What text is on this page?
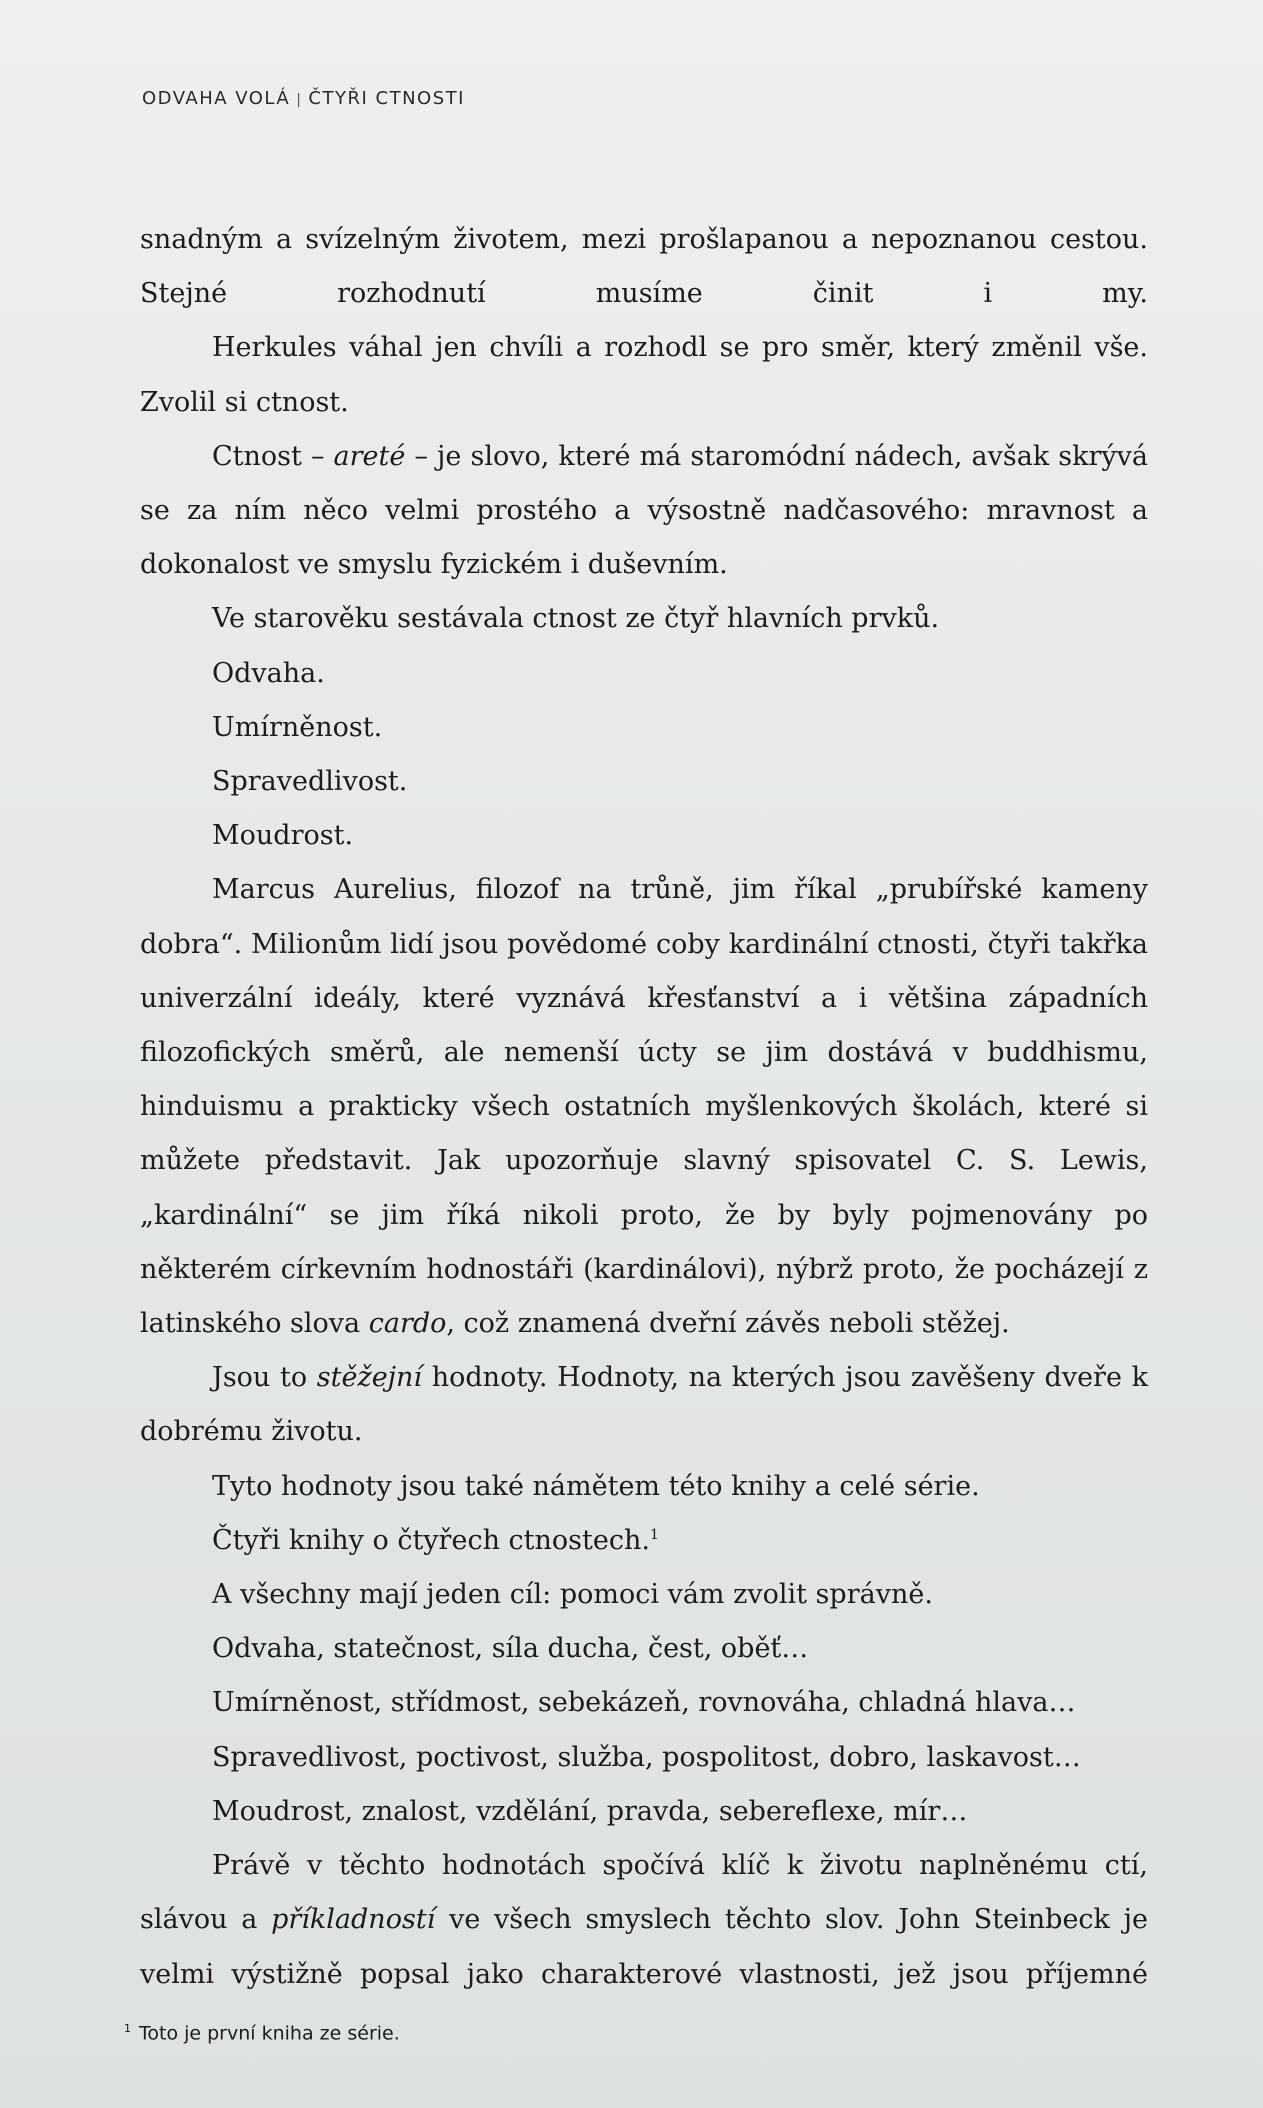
ODVAHA VOLÁ | ČTYŘI CTNOSTI

snadným a svízelným životem, mezi prošlapanou a nepoznanou cestou. Stejné rozhodnutí musíme činit i my.

Herkules váhal jen chvíli a rozhodl se pro směr, který změnil vše. Zvolil si ctnost.

Ctnost – areté – je slovo, které má staromódní nádech, avšak skrývá se za ním něco velmi prostého a výsostně nadčasového: mravnost a dokonalost ve smyslu fyzickém i duševním.

Ve starověku sestávala ctnost ze čtyř hlavních prvků.

Odvaha.

Umírněnost.

Spravedlivost.

Moudrost.

Marcus Aurelius, filozof na trůně, jim říkal „prubířské kameny dobra“. Milionům lidí jsou povědomé coby kardinální ctnosti, čtyři takřka univerzální ideály, které vyznává křesťanství a i většina západních filozofických směrů, ale nemenší úcty se jim dostává v buddhismu, hinduismu a prakticky všech ostatních myšlenkových školách, které si můžete představit. Jak upozorňuje slavný spisovatel C. S. Lewis, „kardinální“ se jim říká nikoli proto, že by byly pojmenovány po některém církevním hodnostáři (kardinálovi), nýbrž proto, že pocházejí z latinského slova cardo, což znamená dveřní závěs neboli stěžej.

Jsou to stěžejní hodnoty. Hodnoty, na kterých jsou zavěšeny dveře k dobrému životu.

Tyto hodnoty jsou také námětem této knihy a celé série.

Čtyři knihy o čtyřech ctnostech.$^1$

A všechny mají jeden cíl: pomoci vám zvolit správně.

Odvaha, statečnost, síla ducha, čest, oběť…

Umírněnost, střídmost, sebekázeň, rovnováha, chladná hlava…

Spravedlivost, poctivost, služba, pospolitost, dobro, laskavost…

Moudrost, znalost, vzdělání, pravda, sebereflexe, mír…

Právě v těchto hodnotách spočívá klíč k životu naplněnému ctí, slávou a příkladností ve všech smyslech těchto slov. John Steinbeck je velmi výstižně popsal jako charakterové vlastnosti, jež jsou příjemné

$^1$ Toto je první kniha ze série.
